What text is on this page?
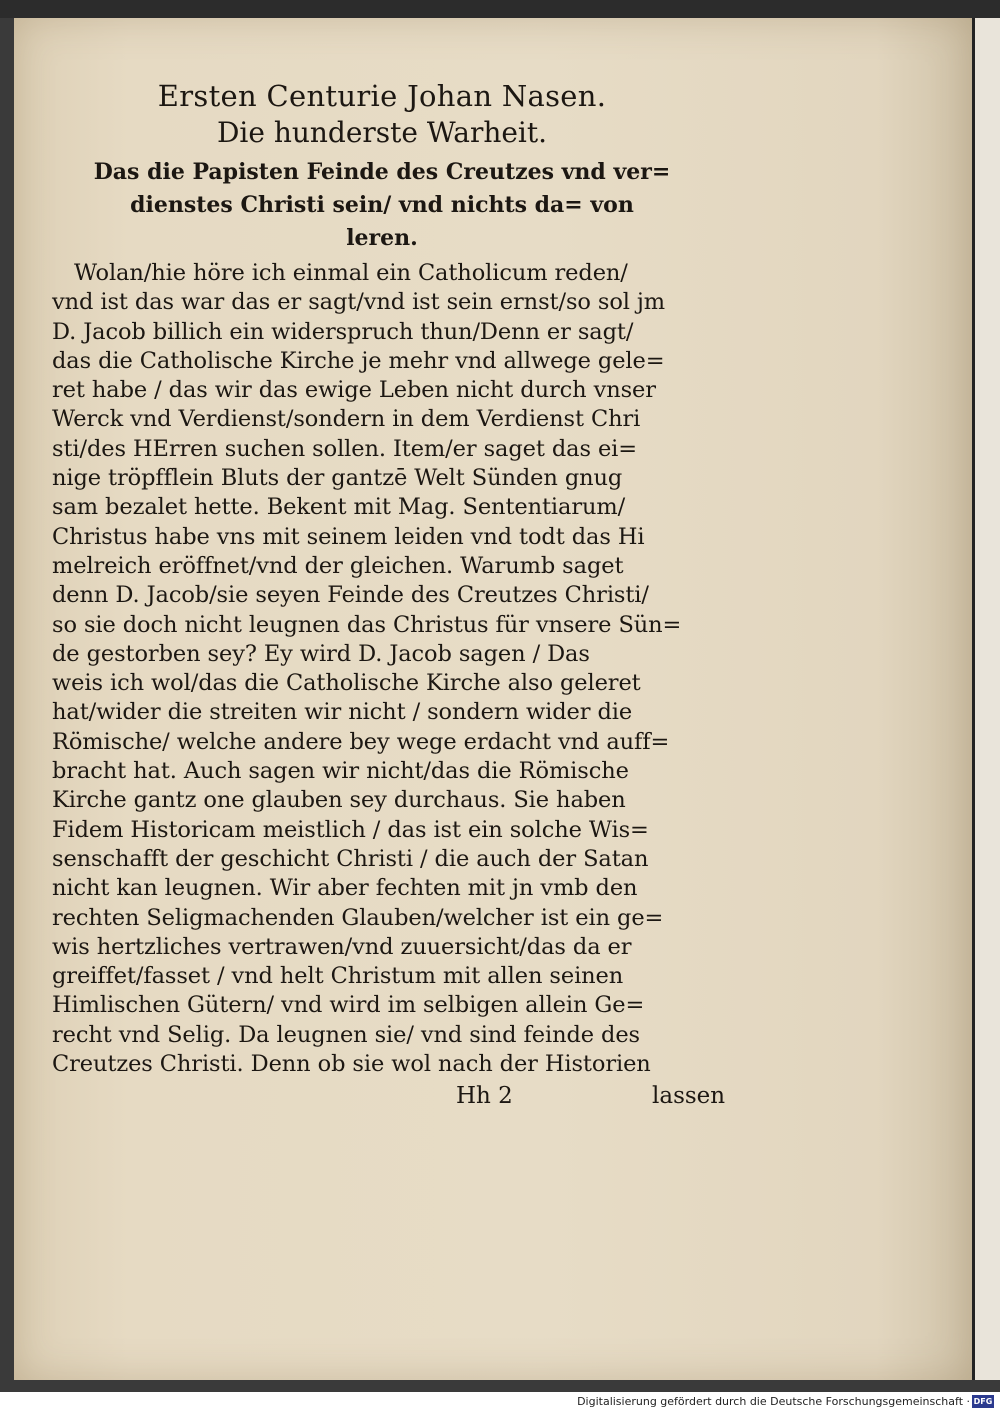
Ersten Centurie Johan Nasen.
Die hunderste Warheit.
Das die Papisten Feinde des Creutzes vnd ver= dienstes Christi sein/ vnd nichts da= von leren.
Wolan/hie höre ich einmal ein Catholicum reden/
vnd ist das war das er sagt/vnd ist sein ernst/so sol jm
D. Jacob billich ein widerspruch thun/Denn er sagt/
das die Catholische Kirche je mehr vnd allwege gele=
ret habe / das wir das ewige Leben nicht durch vnser
Werck vnd Verdienst/sondern in dem Verdienst Chri
sti/des HErren suchen sollen. Item/er saget das ei=
nige tröpfflein Bluts der gantzē Welt Sünden gnug
sam bezalet hette. Bekent mit Mag. Sententiarum/
Christus habe vns mit seinem leiden vnd todt das Hi
melreich eröffnet/vnd der gleichen. Warumb saget
denn D. Jacob/sie seyen Feinde des Creutzes Christi/
so sie doch nicht leugnen das Christus für vnsere Sün=
de gestorben sey? Ey wird D. Jacob sagen / Das
weis ich wol/das die Catholische Kirche also geleret
hat/wider die streiten wir nicht / sondern wider die
Römische/ welche andere bey wege erdacht vnd auff=
bracht hat. Auch sagen wir nicht/das die Römische
Kirche gantz one glauben sey durchaus. Sie haben
Fidem Historicam meistlich / das ist ein solche Wis=
senschafft der geschicht Christi / die auch der Satan
nicht kan leugnen. Wir aber fechten mit jn vmb den
rechten Seligmachenden Glauben/welcher ist ein ge=
wis hertzliches vertrawen/vnd zuuersicht/das da er
greiffet/fasset / vnd helt Christum mit allen seinen
Himlischen Gütern/ vnd wird im selbigen allein Ge=
recht vnd Selig. Da leugnen sie/ vnd sind feinde des
Creutzes Christi. Denn ob sie wol nach der Historien
Hh 2	lassen
Digitalisierung gefördert durch die Deutsche Forschungsgemeinschaft · DFG
